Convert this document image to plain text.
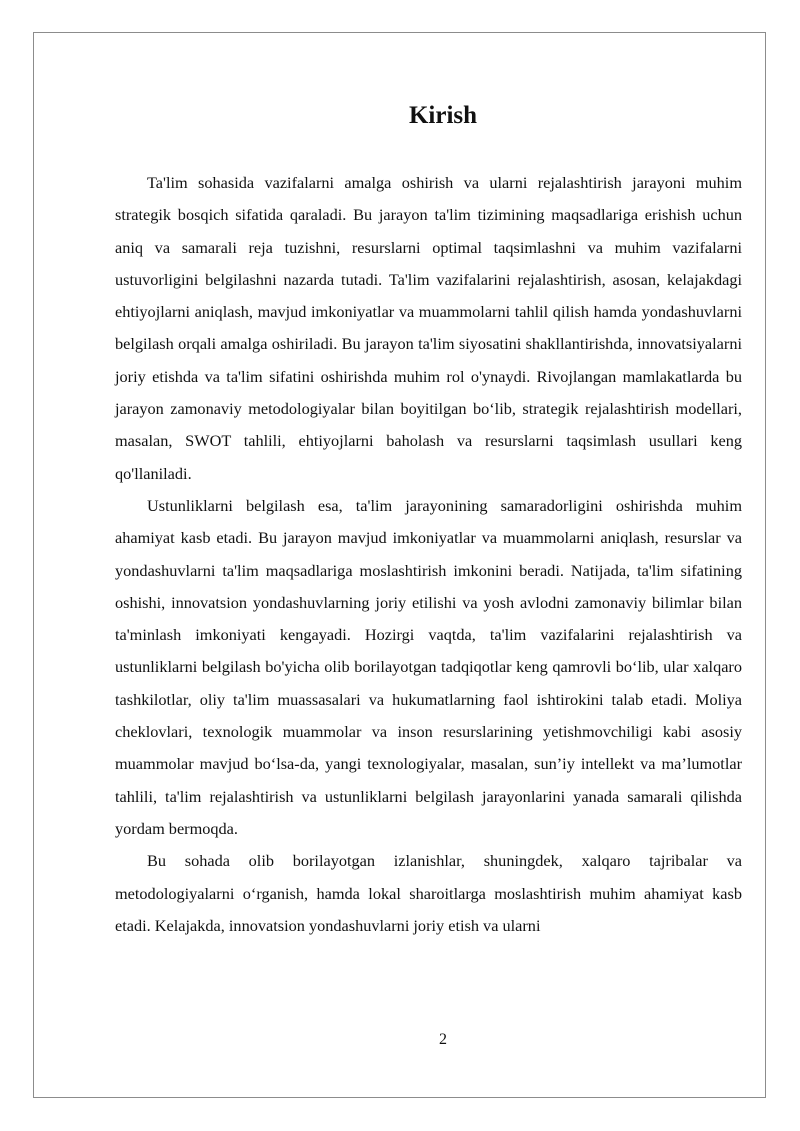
Kirish

Ta'lim sohasida vazifalarni amalga oshirish va ularni rejalashtirish jarayoni muhim strategik bosqich sifatida qaraladi. Bu jarayon ta'lim tizimining maqsadlariga erishish uchun aniq va samarali reja tuzishni, resurslarni optimal taqsimlashni va muhim vazifalarni ustuvorligini belgilashni nazarda tutadi. Ta'lim vazifalarini rejalashtirish, asosan, kelajakdagi ehtiyojlarni aniqlash, mavjud imkoniyatlar va muammolarni tahlil qilish hamda yondashuvlarni belgilash orqali amalga oshiriladi. Bu jarayon ta'lim siyosatini shakllantirishda, innovatsiyalarni joriy etishda va ta'lim sifatini oshirishda muhim rol o'ynaydi. Rivojlangan mamlakatlarda bu jarayon zamonaviy metodologiyalar bilan boyitilgan bo‘lib, strategik rejalashtirish modellari, masalan, SWOT tahlili, ehtiyojlarni baholash va resurslarni taqsimlash usullari keng qo'llaniladi.

Ustunliklarni belgilash esa, ta'lim jarayonining samaradorligini oshirishda muhim ahamiyat kasb etadi. Bu jarayon mavjud imkoniyatlar va muammolarni aniqlash, resurslar va yondashuvlarni ta'lim maqsadlariga moslashtirish imkonini beradi. Natijada, ta'lim sifatining oshishi, innovatsion yondashuvlarning joriy etilishi va yosh avlodni zamonaviy bilimlar bilan ta'minlash imkoniyati kengayadi. Hozirgi vaqtda, ta'lim vazifalarini rejalashtirish va ustunliklarni belgilash bo'yicha olib borilayotgan tadqiqotlar keng qamrovli bo‘lib, ular xalqaro tashkilotlar, oliy ta'lim muassasalari va hukumatlarning faol ishtirokini talab etadi. Moliya cheklovlari, texnologik muammolar va inson resurslarining yetishmovchiligi kabi asosiy muammolar mavjud bo‘lsa-da, yangi texnologiyalar, masalan, sun’iy intellekt va ma’lumotlar tahlili, ta'lim rejalashtirish va ustunliklarni belgilash jarayonlarini yanada samarali qilishda yordam bermoqda.

Bu sohada olib borilayotgan izlanishlar, shuningdek, xalqaro tajribalar va metodologiyalarni o‘rganish, hamda lokal sharoitlarga moslashtirish muhim ahamiyat kasb etadi. Kelajakda, innovatsion yondashuvlarni joriy etish va ularni

2
